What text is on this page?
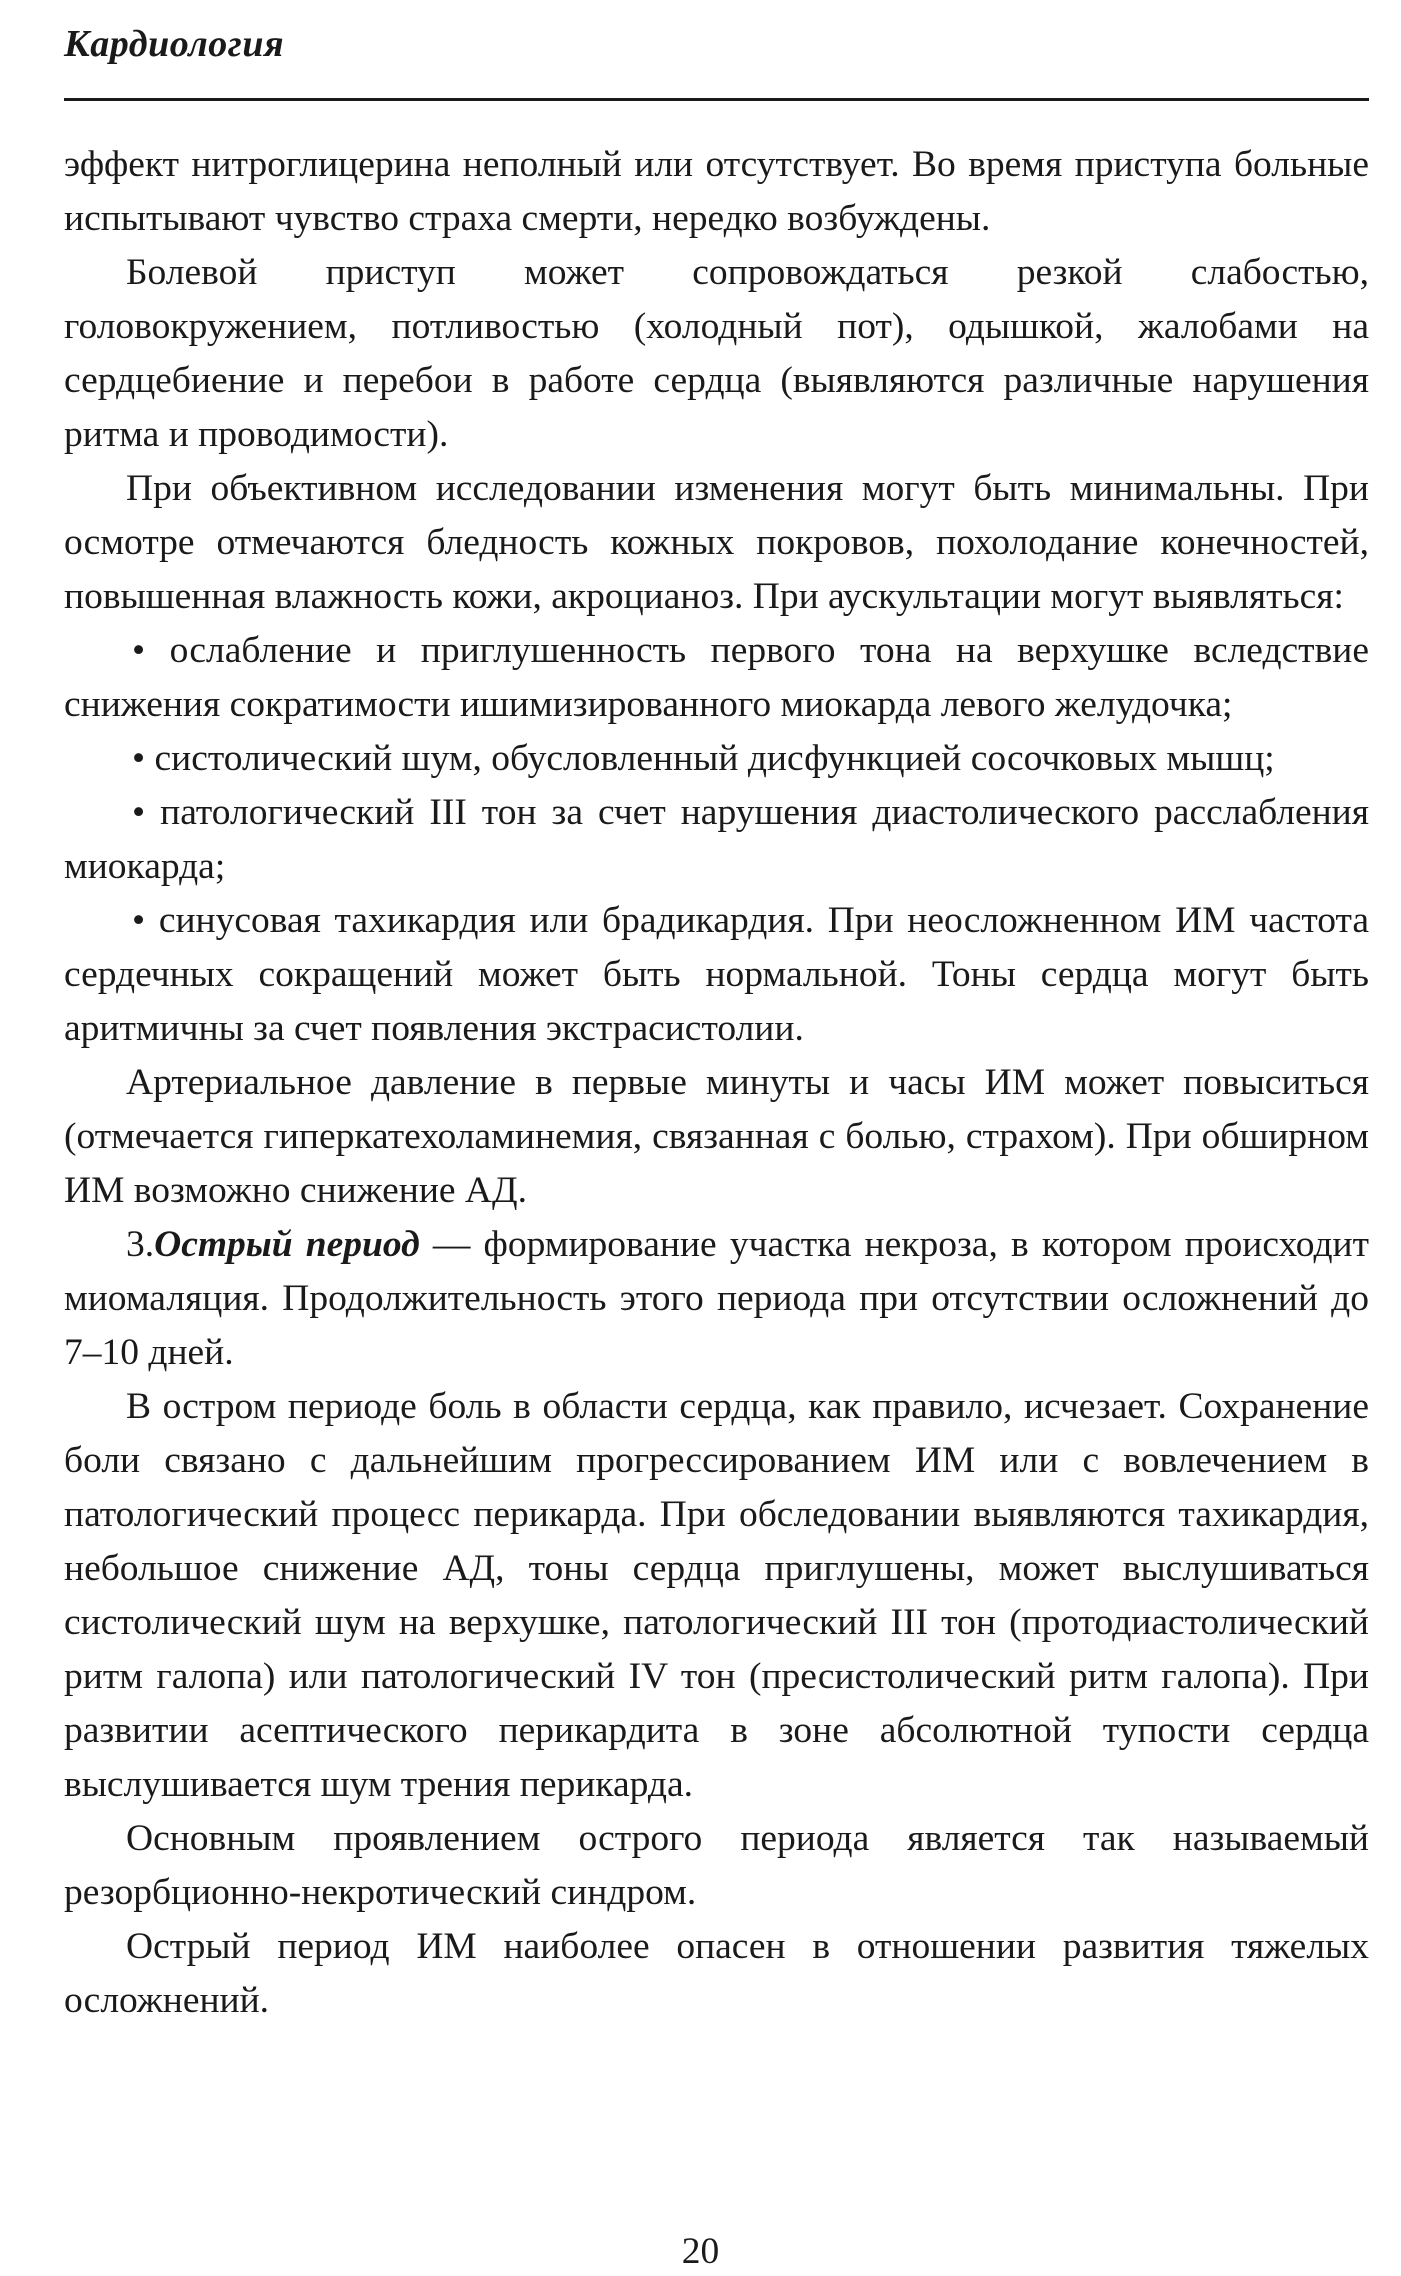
Кардиология

эффект нитроглицерина неполный или отсутствует. Во время приступа больные испытывают чувство страха смерти, нередко возбуждены.

Болевой приступ может сопровождаться резкой слабостью, головокружением, потливостью (холодный пот), одышкой, жалобами на сердцебиение и перебои в работе сердца (выявляются различные нарушения ритма и проводимости).

При объективном исследовании изменения могут быть минимальны. При осмотре отмечаются бледность кожных покровов, похолодание конечностей, повышенная влажность кожи, акроцианоз. При аускультации могут выявляться:

• ослабление и приглушенность первого тона на верхушке вследствие снижения сократимости ишимизированного миокарда левого желудочка;

• систолический шум, обусловленный дисфункцией сосочковых мышц;

• патологический III тон за счет нарушения диастолического расслабления миокарда;

• синусовая тахикардия или брадикардия. При неосложненном ИМ частота сердечных сокращений может быть нормальной. Тоны сердца могут быть аритмичны за счет появления экстрасистолии.

Артериальное давление в первые минуты и часы ИМ может повыситься (отмечается гиперкатехоламинемия, связанная с болью, страхом). При обширном ИМ возможно снижение АД.

3.Острый период — формирование участка некроза, в котором происходит миомаляция. Продолжительность этого периода при отсутствии осложнений до 7–10 дней.

В остром периоде боль в области сердца, как правило, исчезает. Сохранение боли связано с дальнейшим прогрессированием ИМ или с вовлечением в патологический процесс перикарда. При обследовании выявляются тахикардия, небольшое снижение АД, тоны сердца приглушены, может выслушиваться систолический шум на верхушке, патологический III тон (протодиастолический ритм галопа) или патологический IV тон (пресистолический ритм галопа). При развитии асептического перикардита в зоне абсолютной тупости сердца выслушивается шум трения перикарда.

Основным проявлением острого периода является так называемый резорбционно-некротический синдром.

Острый период ИМ наиболее опасен в отношении развития тяжелых осложнений.

20
